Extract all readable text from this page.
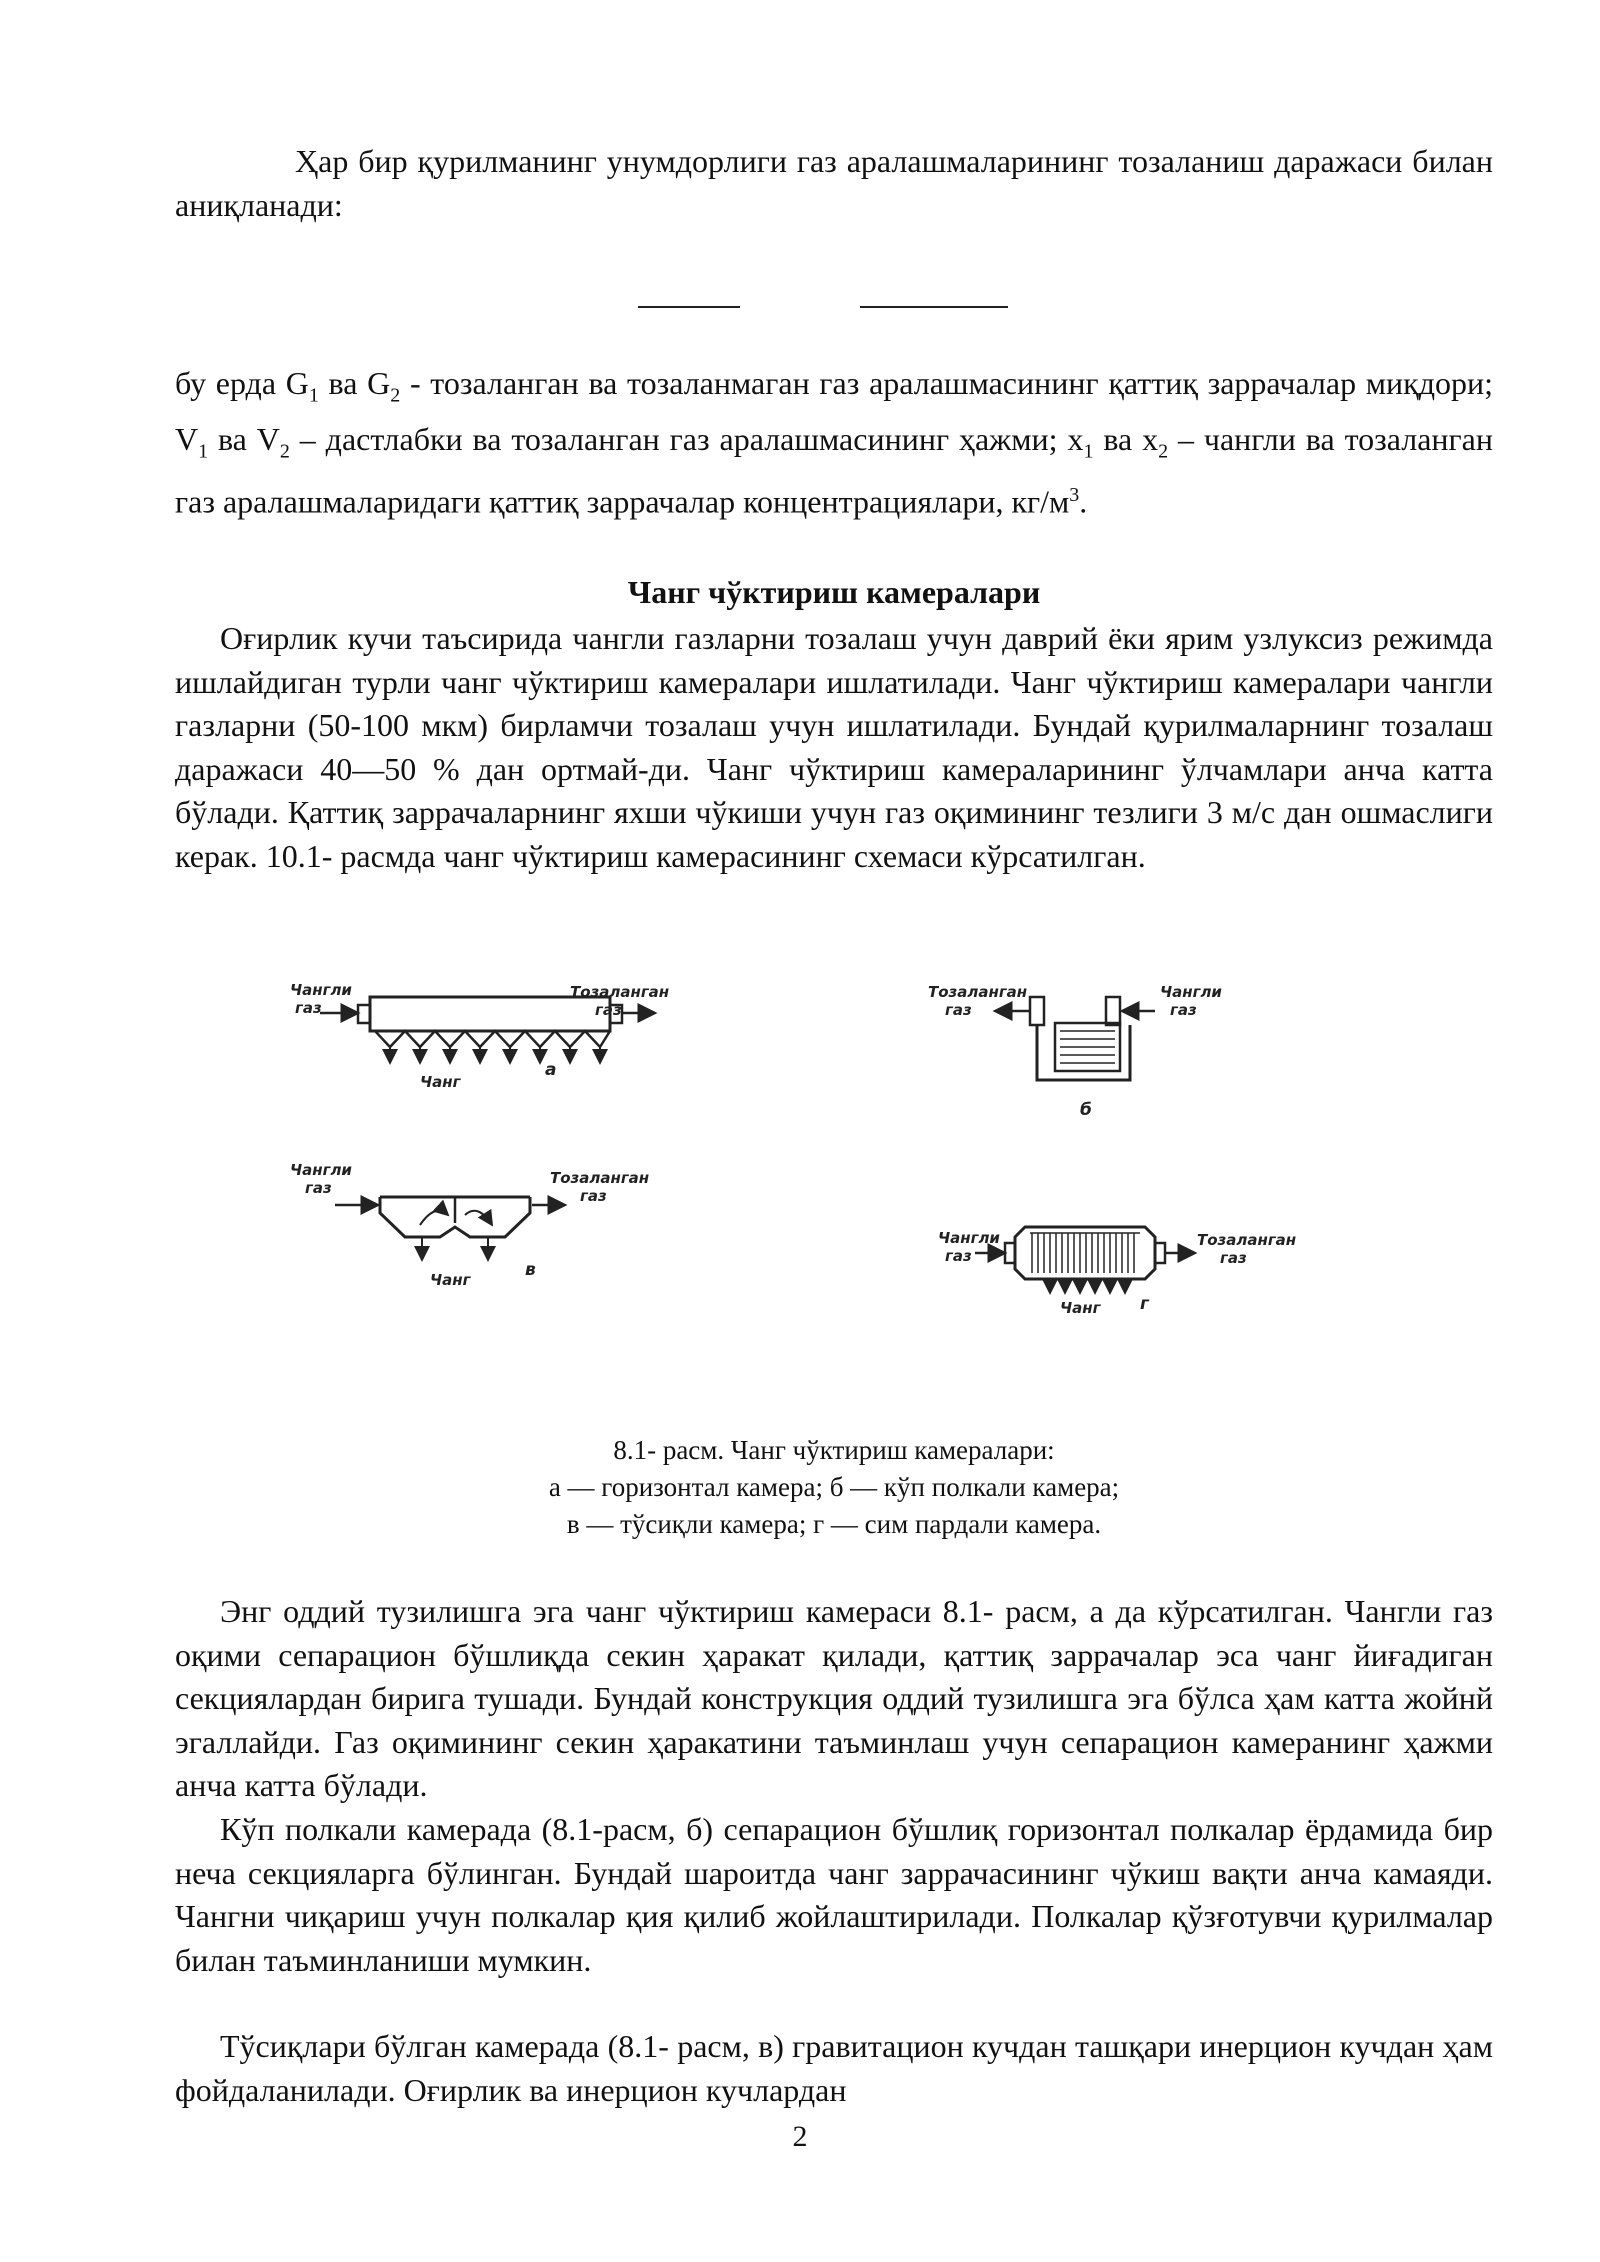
Ҳар бир қурилманинг унумдорлиги газ аралашмаларининг тозаланиш даражаси билан аниқланади:

бу ерда $G_1$ ва $G_2$ - тозаланган ва тозаланмаган газ аралашмасининг қаттиқ заррачалар миқдори; $V_1$ ва $V_2$ – дастлабки ва тозаланган газ аралашмасининг ҳажми; $x_1$ ва $x_2$ – чангли ва тозаланган газ аралашмаларидаги қаттиқ заррачалар концентрациялари, $кг/м^3$.

Чанг чўктириш камералари

Оғирлик кучи таъсирида чангли газларни тозалаш учун даврий ёки ярим узлуксиз режимда ишлайдиган турли чанг чўктириш камералари ишлатилади. Чанг чўктириш камералари чангли газларни (50-100 мкм) бирламчи тозалаш учун ишлатилади. Бундай қурилмаларнинг тозалаш даражаси 40—50 % дан ортмай-ди. Чанг чўктириш камераларининг ўлчамлари анча катта бўлади. Қаттиқ заррачаларнинг яхши чўкиши учун газ оқимининг тезлиги 3 м/с дан ошмаслиги керак. 10.1- расмда чанг чўктириш камерасининг схемаси кўрсатилган.

Чангли
газ
Тозаланган
газ
Чанг
а
Тозаланган
газ
Чангли
газ
б
Чангли
газ
Тозаланган
газ
Чанг	в
Чангли
газ
Тозаланган
газ
Чанг г
8.1- расм. Чанг чўктириш камералари:
а — горизонтал камера; б — кўп полкали камера;
в — тўсиқли камера; г — сим пардали камера.

Энг оддий тузилишга эга чанг чўктириш камераси 8.1- расм, а да кўрсатилган. Чангли газ оқими сепарацион бўшлиқда секин ҳаракат қилади, қаттиқ заррачалар эса чанг йиғадиган секциялардан бирига тушади. Бундай конструкция оддий тузилишга эга бўлса ҳам катта жойнй эгаллайди. Газ оқимининг секин ҳаракатини таъминлаш учун сепарацион камеранинг ҳажми анча катта бўлади.

Кўп полкали камерада (8.1-расм, б) сепарацион бўшлиқ горизонтал полкалар ёрдамида бир неча секцияларга бўлинган. Бундай шароитда чанг заррачасининг чўкиш вақти анча камаяди. Чангни чиқариш учун полкалар қия қилиб жойлаштирилади. Полкалар қўзғотувчи қурилмалар билан таъминланиши мумкин.

Тўсиқлари бўлган камерада (8.1- расм, в) гравитацион кучдан ташқари инерцион кучдан ҳам фойдаланилади. Оғирлик ва инерцион кучлардан

2
